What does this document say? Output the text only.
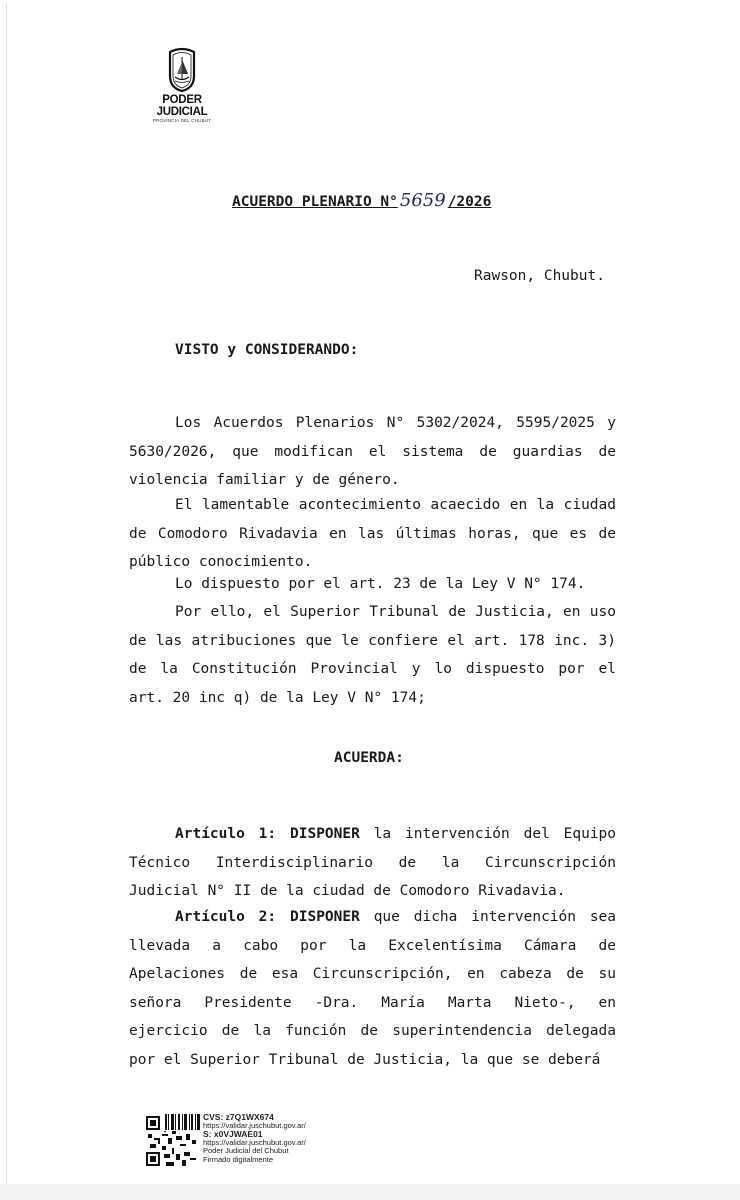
PODER JUDICIAL
PROVINCIA DEL CHUBUT
ACUERDO PLENARIO N° 5659 /2026
Rawson, Chubut.
VISTO y CONSIDERANDO:

Los Acuerdos Plenarios N° 5302/2024, 5595/2025 y 5630/2026, que modifican el sistema de guardias de violencia familiar y de género.

El lamentable acontecimiento acaecido en la ciudad de Comodoro Rivadavia en las últimas horas, que es de público conocimiento.

Lo dispuesto por el art. 23 de la Ley V N° 174.

Por ello, el Superior Tribunal de Justicia, en uso de las atribuciones que le confiere el art. 178 inc. 3) de la Constitución Provincial y lo dispuesto por el art. 20 inc q) de la Ley V N° 174;

ACUERDA:

Artículo 1: DISPONER la intervención del Equipo Técnico Interdisciplinario de la Circunscripción Judicial N° II de la ciudad de Comodoro Rivadavia.

Artículo 2: DISPONER que dicha intervención sea llevada a cabo por la Excelentísima Cámara de Apelaciones de esa Circunscripción, en cabeza de su señora Presidente -Dra. María Marta Nieto-, en ejercicio de la función de superintendencia delegada por el Superior Tribunal de Justicia, la que se deberá

CVS: z7Q1WX674
https://validar.juschubut.gov.ar/
S: x0VJWAE01
https://validar.juschubut.gov.ar/
Poder Judicial del Chubut
Firmado digitalmente
